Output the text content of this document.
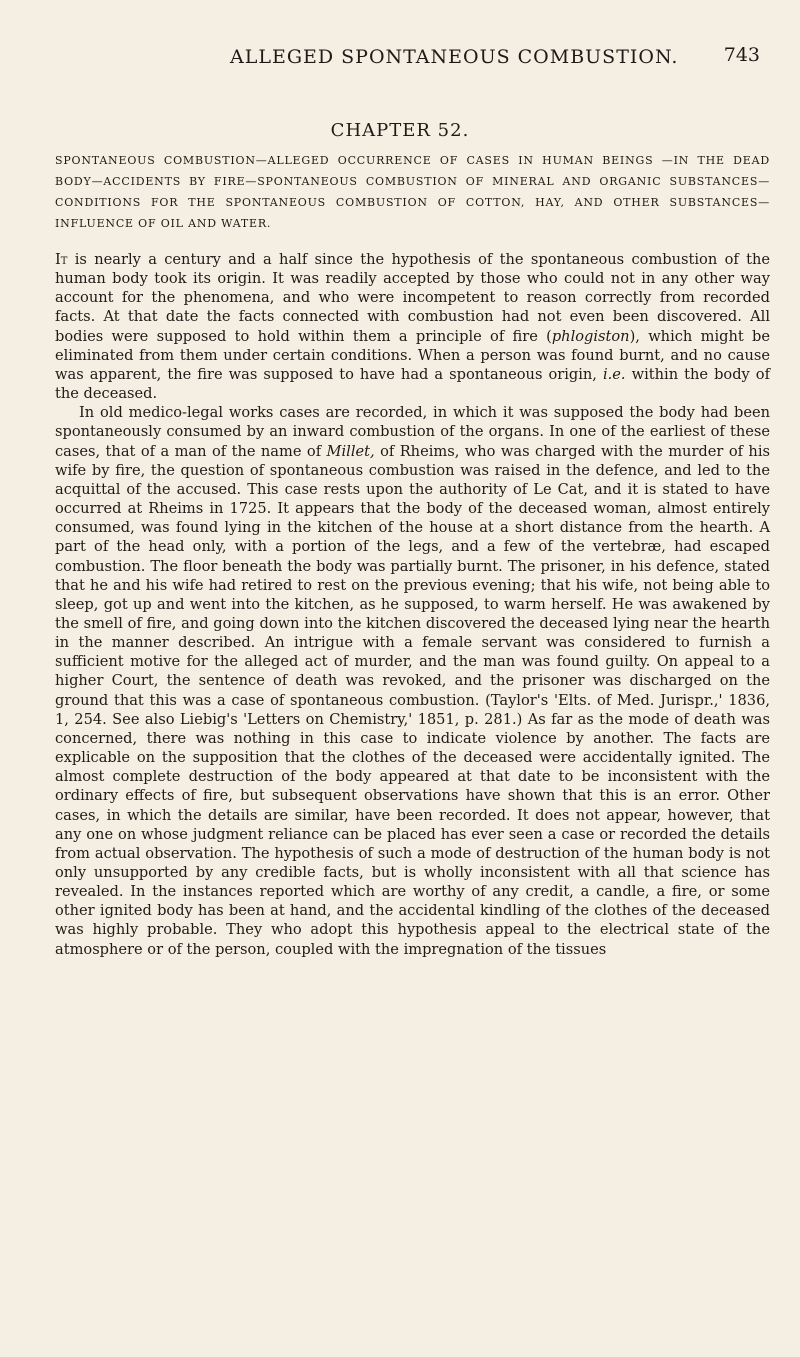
ALLEGED SPONTANEOUS COMBUSTION. 743
CHAPTER 52.
SPONTANEOUS COMBUSTION—ALLEGED OCCURRENCE OF CASES IN HUMAN BEINGS —IN THE DEAD BODY—ACCIDENTS BY FIRE—SPONTANEOUS COMBUSTION OF MINERAL AND ORGANIC SUBSTANCES—CONDITIONS FOR THE SPONTANEOUS COMBUSTION OF COTTON, HAY, AND OTHER SUBSTANCES—INFLUENCE OF OIL AND WATER.

It is nearly a century and a half since the hypothesis of the spontaneous combustion of the human body took its origin. It was readily accepted by those who could not in any other way account for the phenomena, and who were incompetent to reason correctly from recorded facts. At that date the facts connected with combustion had not even been discovered. All bodies were supposed to hold within them a principle of fire (phlogiston), which might be eliminated from them under certain conditions. When a person was found burnt, and no cause was apparent, the fire was supposed to have had a spontaneous origin, i.e. within the body of the deceased.

In old medico-legal works cases are recorded, in which it was supposed the body had been spontaneously consumed by an inward combustion of the organs. In one of the earliest of these cases, that of a man of the name of Millet, of Rheims, who was charged with the murder of his wife by fire, the question of spontaneous combustion was raised in the defence, and led to the acquittal of the accused. This case rests upon the authority of Le Cat, and it is stated to have occurred at Rheims in 1725. It appears that the body of the deceased woman, almost entirely consumed, was found lying in the kitchen of the house at a short distance from the hearth. A part of the head only, with a portion of the legs, and a few of the vertebræ, had escaped combustion. The floor beneath the body was partially burnt. The prisoner, in his defence, stated that he and his wife had retired to rest on the previous evening; that his wife, not being able to sleep, got up and went into the kitchen, as he supposed, to warm herself. He was awakened by the smell of fire, and going down into the kitchen discovered the deceased lying near the hearth in the manner described. An intrigue with a female servant was considered to furnish a sufficient motive for the alleged act of murder, and the man was found guilty. On appeal to a higher Court, the sentence of death was revoked, and the prisoner was discharged on the ground that this was a case of spontaneous combustion. (Taylor's 'Elts. of Med. Jurispr.,' 1836, 1, 254. See also Liebig's 'Letters on Chemistry,' 1851, p. 281.) As far as the mode of death was concerned, there was nothing in this case to indicate violence by another. The facts are explicable on the supposition that the clothes of the deceased were accidentally ignited. The almost complete destruction of the body appeared at that date to be inconsistent with the ordinary effects of fire, but subsequent observations have shown that this is an error. Other cases, in which the details are similar, have been recorded. It does not appear, however, that any one on whose judgment reliance can be placed has ever seen a case or recorded the details from actual observation. The hypothesis of such a mode of destruction of the human body is not only unsupported by any credible facts, but is wholly inconsistent with all that science has revealed. In the instances reported which are worthy of any credit, a candle, a fire, or some other ignited body has been at hand, and the accidental kindling of the clothes of the deceased was highly probable. They who adopt this hypothesis appeal to the electrical state of the atmosphere or of the person, coupled with the impregnation of the tissues
